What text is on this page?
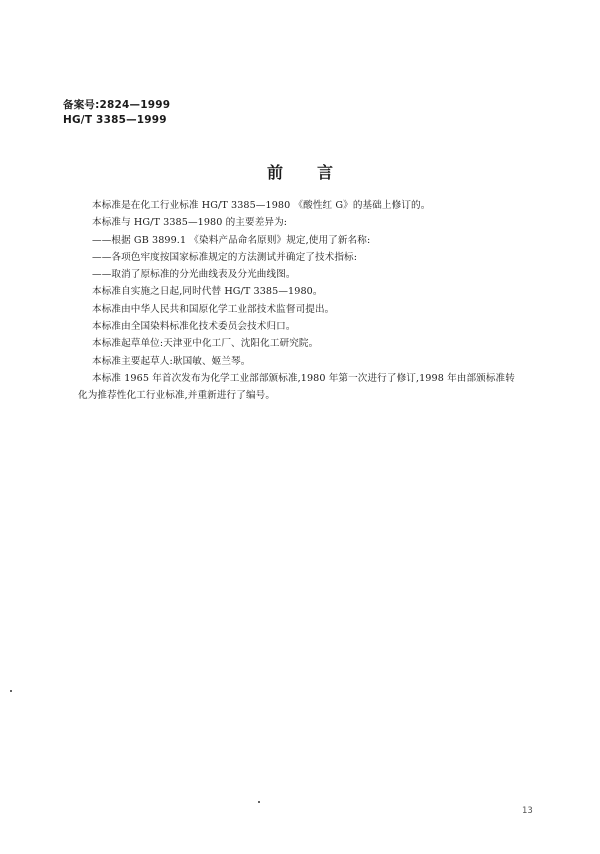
备案号:2824—1999
HG/T 3385—1999
前 言
本标准是在化工行业标准 HG/T 3385—1980 《酸性红 G》的基础上修订的。
本标准与 HG/T 3385—1980 的主要差异为:
——根据 GB 3899.1 《染料产品命名原则》规定,使用了新名称:
——各项色牢度按国家标准规定的方法测试并确定了技术指标:
——取消了原标准的分光曲线表及分光曲线图。
本标准自实施之日起,同时代替 HG/T 3385—1980。
本标准由中华人民共和国原化学工业部技术监督司提出。
本标准由全国染料标准化技术委员会技术归口。
本标准起草单位:天津亚中化工厂、沈阳化工研究院。
本标准主要起草人:耿国敏、姬兰琴。
本标准 1965 年首次发布为化学工业部部颁标准,1980 年第一次进行了修订,1998 年由部颁标准转
化为推荐性化工行业标准,并重新进行了编号。
13
